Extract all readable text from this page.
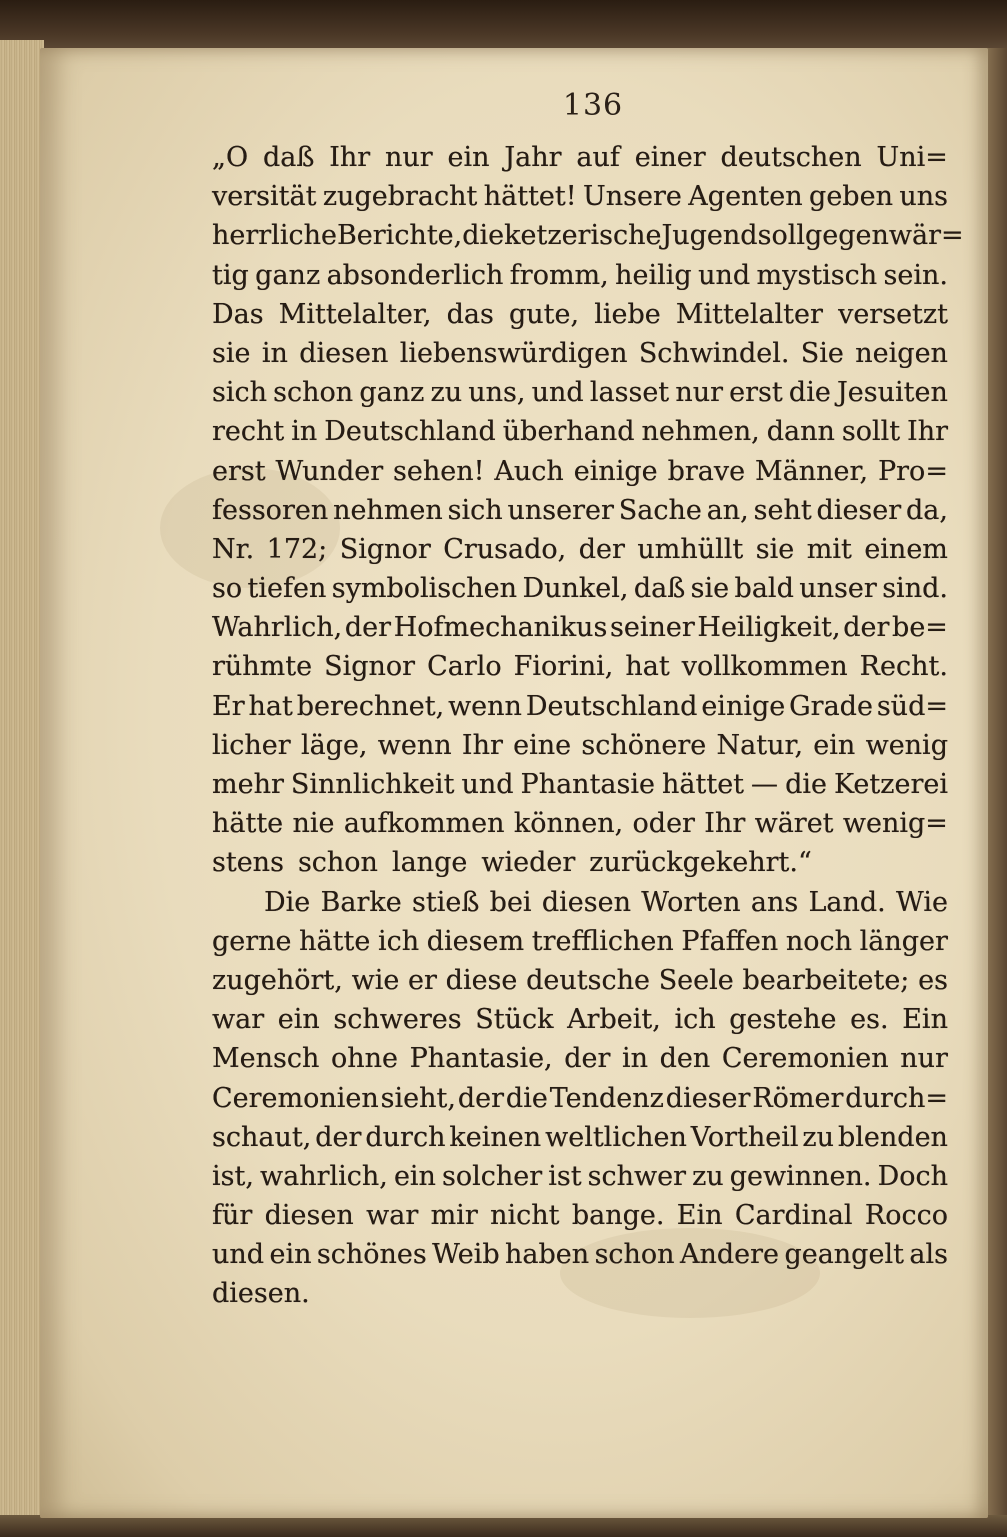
136
„O daß Ihr nur ein Jahr auf einer deutschen Uni=
versität zugebracht hättet! Unsere Agenten geben uns
herrliche Berichte, die ketzerische Jugend soll gegenwär=
tig ganz absonderlich fromm, heilig und mystisch sein.
Das Mittelalter, das gute, liebe Mittelalter versetzt
sie in diesen liebenswürdigen Schwindel. Sie neigen
sich schon ganz zu uns, und lasset nur erst die Jesuiten
recht in Deutschland überhand nehmen, dann sollt Ihr
erst Wunder sehen! Auch einige brave Männer, Pro=
fessoren nehmen sich unserer Sache an, seht dieser da,
Nr. 172; Signor Crusado, der umhüllt sie mit einem
so tiefen symbolischen Dunkel, daß sie bald unser sind.
Wahrlich, der Hofmechanikus seiner Heiligkeit, der be=
rühmte Signor Carlo Fiorini, hat vollkommen Recht.
Er hat berechnet, wenn Deutschland einige Grade süd=
licher läge, wenn Ihr eine schönere Natur, ein wenig
mehr Sinnlichkeit und Phantasie hättet — die Ketzerei
hätte nie aufkommen können, oder Ihr wäret wenig=
stens schon lange wieder zurückgekehrt.“
Die Barke stieß bei diesen Worten ans Land. Wie
gerne hätte ich diesem trefflichen Pfaffen noch länger
zugehört, wie er diese deutsche Seele bearbeitete; es
war ein schweres Stück Arbeit, ich gestehe es. Ein
Mensch ohne Phantasie, der in den Ceremonien nur
Ceremonien sieht, der die Tendenz dieser Römer durch=
schaut, der durch keinen weltlichen Vortheil zu blenden
ist, wahrlich, ein solcher ist schwer zu gewinnen. Doch
für diesen war mir nicht bange. Ein Cardinal Rocco
und ein schönes Weib haben schon Andere geangelt als
diesen.
